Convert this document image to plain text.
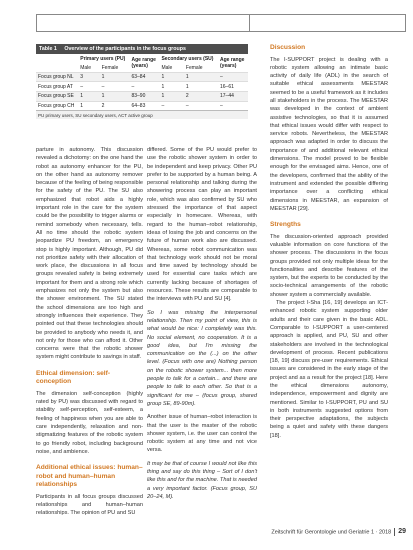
Table 1 Overview of the participants in the focus groups
	Primary users (PU)		Age range (years)	Secondary users (SU)		Age range (years)
	Male	Female		Male	Female	
Focus group NL	3	1	63–84	1	1	–
Focus group AT	–	–	–	1	1	16–61
Focus group SE	1	1	83–90	1	2	17–44
Focus group CH	1	2	64–83	–	–	–
PU primary users, SU secondary users, ACT active group

parture in autonomy. This discussion revealed a dichotomy: on the one hand the robot as autonomy enhancer for the PU, on the other hand as autonomy remover because of the feeling of being responsible for the safety of the PU. The SU also emphasized that robot aids a highly important role in the care for the system could be the possibility to trigger alarms or remind somebody when necessary, tells. All no time should the robotic system jeopardize PU freedom, an emergency stop is highly important. Although, PU did not prioritize safety with their allocation of work place, the discussions in all focus groups revealed safety is being extremely important for them and a strong role which emphasizes not only the system but also the shower environment. The SU stated the school dimensions are too high and strongly influences their experience. They pointed out that these technologies should be provided to anybody who needs it, and not only for those who can afford it. Other concerns were that the robotic shower system might contribute to savings in staff.

Ethical dimension: self-conception

The dimension self-conception (highly rated by PU) was discussed with regard to stability self-perception, self-esteem, a feeling of happiness when you are able to care independently, relaxation and non-stigmatizing features of the robotic system to go friendly robot, including background noise, and ambience.

Additional ethical issues: human–robot and human–human relationships

Participants in all focus groups discussed relationships and human–human relationships. The opinion of PU and SU

differed. Some of the PU would prefer to use the robotic shower system in order to be independent and keep privacy. Other PU prefer to be supported by a human being. A personal relationship and talking during the showering process can play an important role, which was also confirmed by SU who stressed the importance of that aspect especially in homecare. Whereas, with regard to the human–robot relationship, ideas of losing the job and concerns on the future of human work also are discussed. Whereas, some robot communication was that technology work should not be moral and time saved by technology should be used for essential care tasks which are currently lacking because of shortages of resources. These results are comparable to the interviews with PU and SU [4].

So I was missing the interpersonal relationship. Then my point of view, this is what would be nice: I completely was this. No social element, no cooperation. It is a good idea, but I'm missing the communication on the (...) on the other level. (Focus with one are) Nothing person on the robotic shower system... then more people to talk for a certain... and there are people to talk to each other. So that is a significant for me – (focus group, shared group SE, 89-90m).

Another issue of human–robot interaction is that the user is the master of the robotic shower system, i.e. the user can control the robotic system at any time and not vice versa.

It may be that of course I would not like this thing and say do this thing – Sort of I don't like this and for the machine. That is needed a very important factor. (Focus group, SU 20–24, M).

Discussion

The I-SUPPORT project is dealing with a robotic system allowing an intimate basic activity of daily life (ADL) in the search of suitable ethical assessments MEESTAR seemed to be a useful framework as it includes all stakeholders in the process. The MEESTAR was developed in the context of ambient assistive technologies, so that it is assumed that ethical issues would differ with respect to service robots. Nevertheless, the MEESTAR approach was adapted in order to discuss the importance of and additional relevant ethical dimensions. The model proved to be flexible enough for the envisaged aims. Hence, one of the developers, confirmed that the ability of the instrument and extended the possible differing importance over a conflicting ethical dimensions in MEESTAR, an expansion of MEESTAR [29].

Strengths

The discussion-oriented approach provided valuable information on core functions of the shower process. The discussions in the focus groups provided not only multiple ideas for the functionalities and describe features of the system, but the experts to be conducted by the socio-technical arrangements of the robotic shower system a commercially available.

The project I-Sha [16, 19] develops an ICT-enhanced robotic system supporting older adults and their care given in the basic ADL. Comparable to I-SUPPORT a user-centered approach is applied, and PU, SU and other stakeholders are involved in the technological development of process. Recent publications [18, 19] discuss pre-user requirements. Ethical issues are considered in the early stage of the project and as a result for the project [18]. Here the ethical dimensions autonomy, independence, empowerment and dignity are mentioned. Similar to I-SUPPORT, PU and SU in both instruments suggested options from their perspective adaptations, the subjects being a quiet and safety with these dangers [18].

Zeitschrift für Gerontologie und Geriatrie 1 · 2018 29
